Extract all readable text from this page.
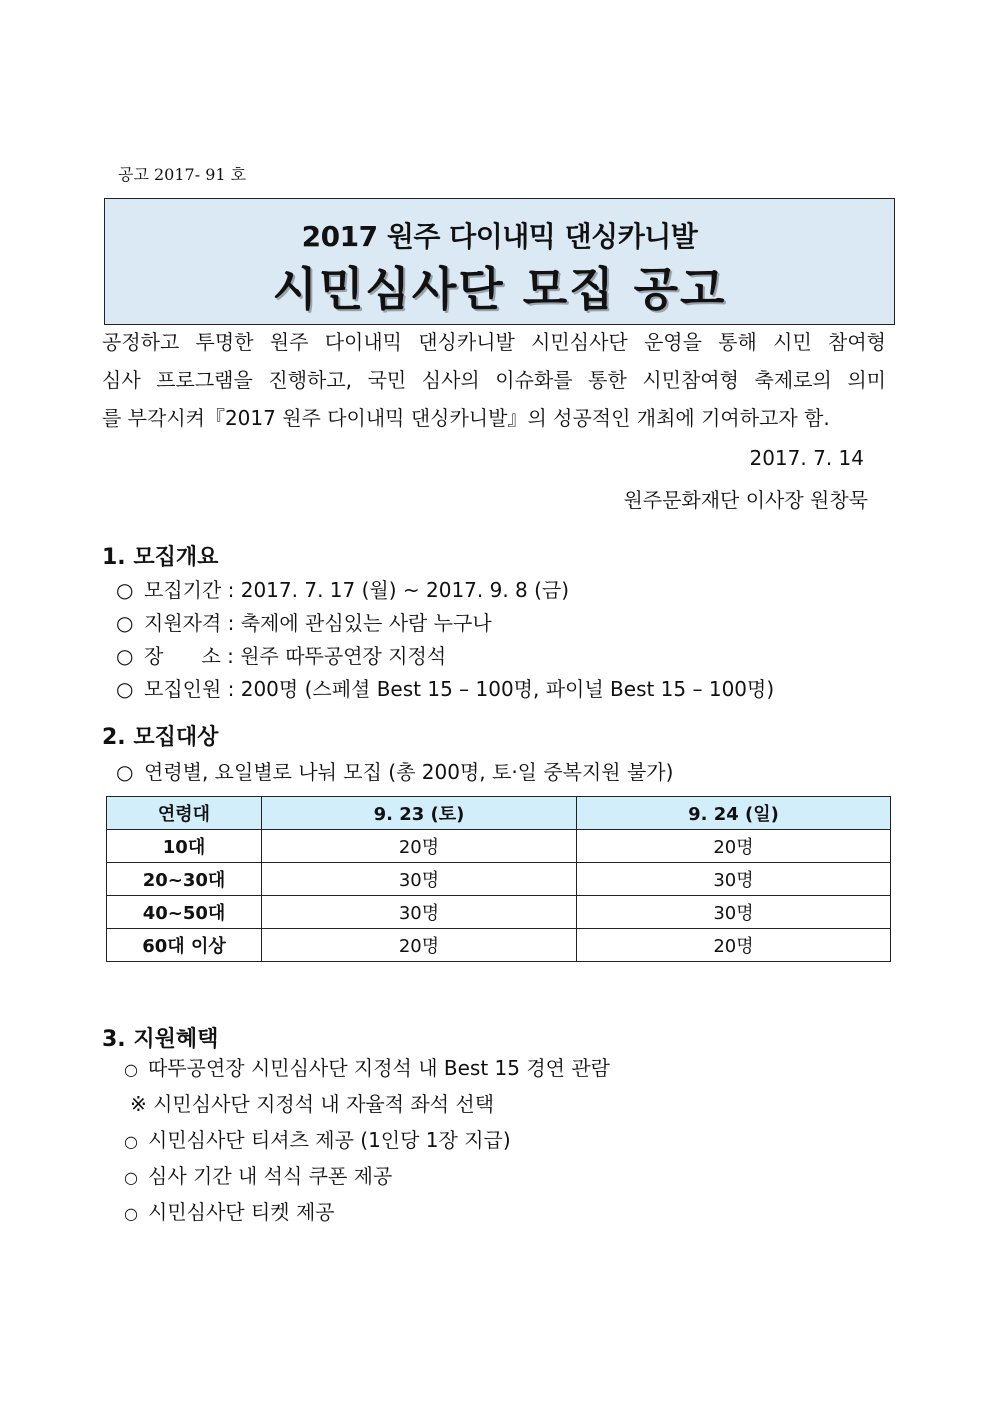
공고 2017- 91 호
2017 원주 다이내믹 댄싱카니발
시민심사단 모집 공고
공정하고 투명한 원주 다이내믹 댄싱카니발 시민심사단 운영을 통해 시민 참여형
심사 프로그램을 진행하고, 국민 심사의 이슈화를 통한 시민참여형 축제로의 의미
를 부각시켜『2017 원주 다이내믹 댄싱카니발』의 성공적인 개최에 기여하고자 함.
2017. 7. 14
원주문화재단 이사장 원창묵
1. 모집개요
○ 모집기간 : 2017. 7. 17 (월) ~ 2017. 9. 8 (금)
○ 지원자격 : 축제에 관심있는 사람 누구나
○ 장      소 : 원주 따뚜공연장 지정석
○ 모집인원 : 200명 (스페셜 Best 15 – 100명, 파이널 Best 15 – 100명)
2. 모집대상
○ 연령별, 요일별로 나눠 모집 (총 200명, 토·일 중복지원 불가)
연령대	9. 23 (토)	9. 24 (일)
10대	20명	20명
20~30대	30명	30명
40~50대	30명	30명
60대 이상	20명	20명
3. 지원혜택
○ 따뚜공연장 시민심사단 지정석 내 Best 15 경연 관람
※ 시민심사단 지정석 내 자율적 좌석 선택
○ 시민심사단 티셔츠 제공 (1인당 1장 지급)
○ 심사 기간 내 석식 쿠폰 제공
○ 시민심사단 티켓 제공
